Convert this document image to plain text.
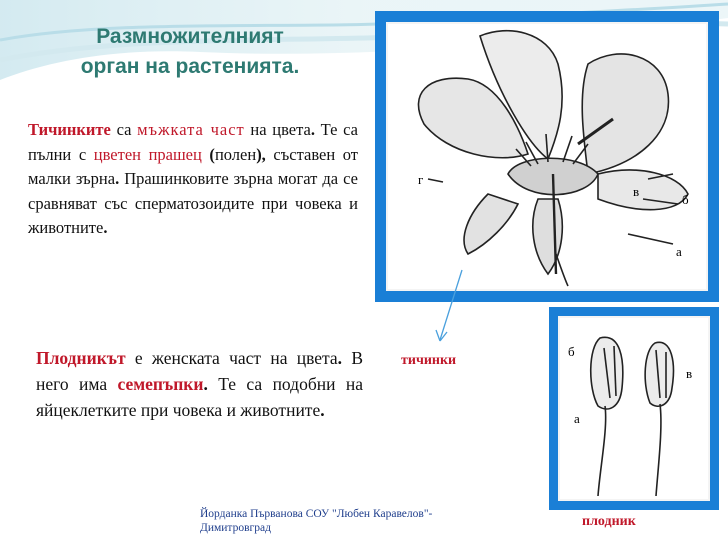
Размножителният
орган на растенията.
Тичинките са мъжката част на цвета. Те са пълни с цветен прашец (полен), съставен от малки зърна. Прашинковите зърна могат да се сравняват със сперматозоидите при човека и животните.
Плодникът е женската част на цвета. В него има семепъпки. Те са подобни на яйцеклетките при човека и животните.
г
в
б
а
б
в
а
тичинки
плодник
Йорданка Първанова СОУ "Любен Каравелов"-
Димитровград
